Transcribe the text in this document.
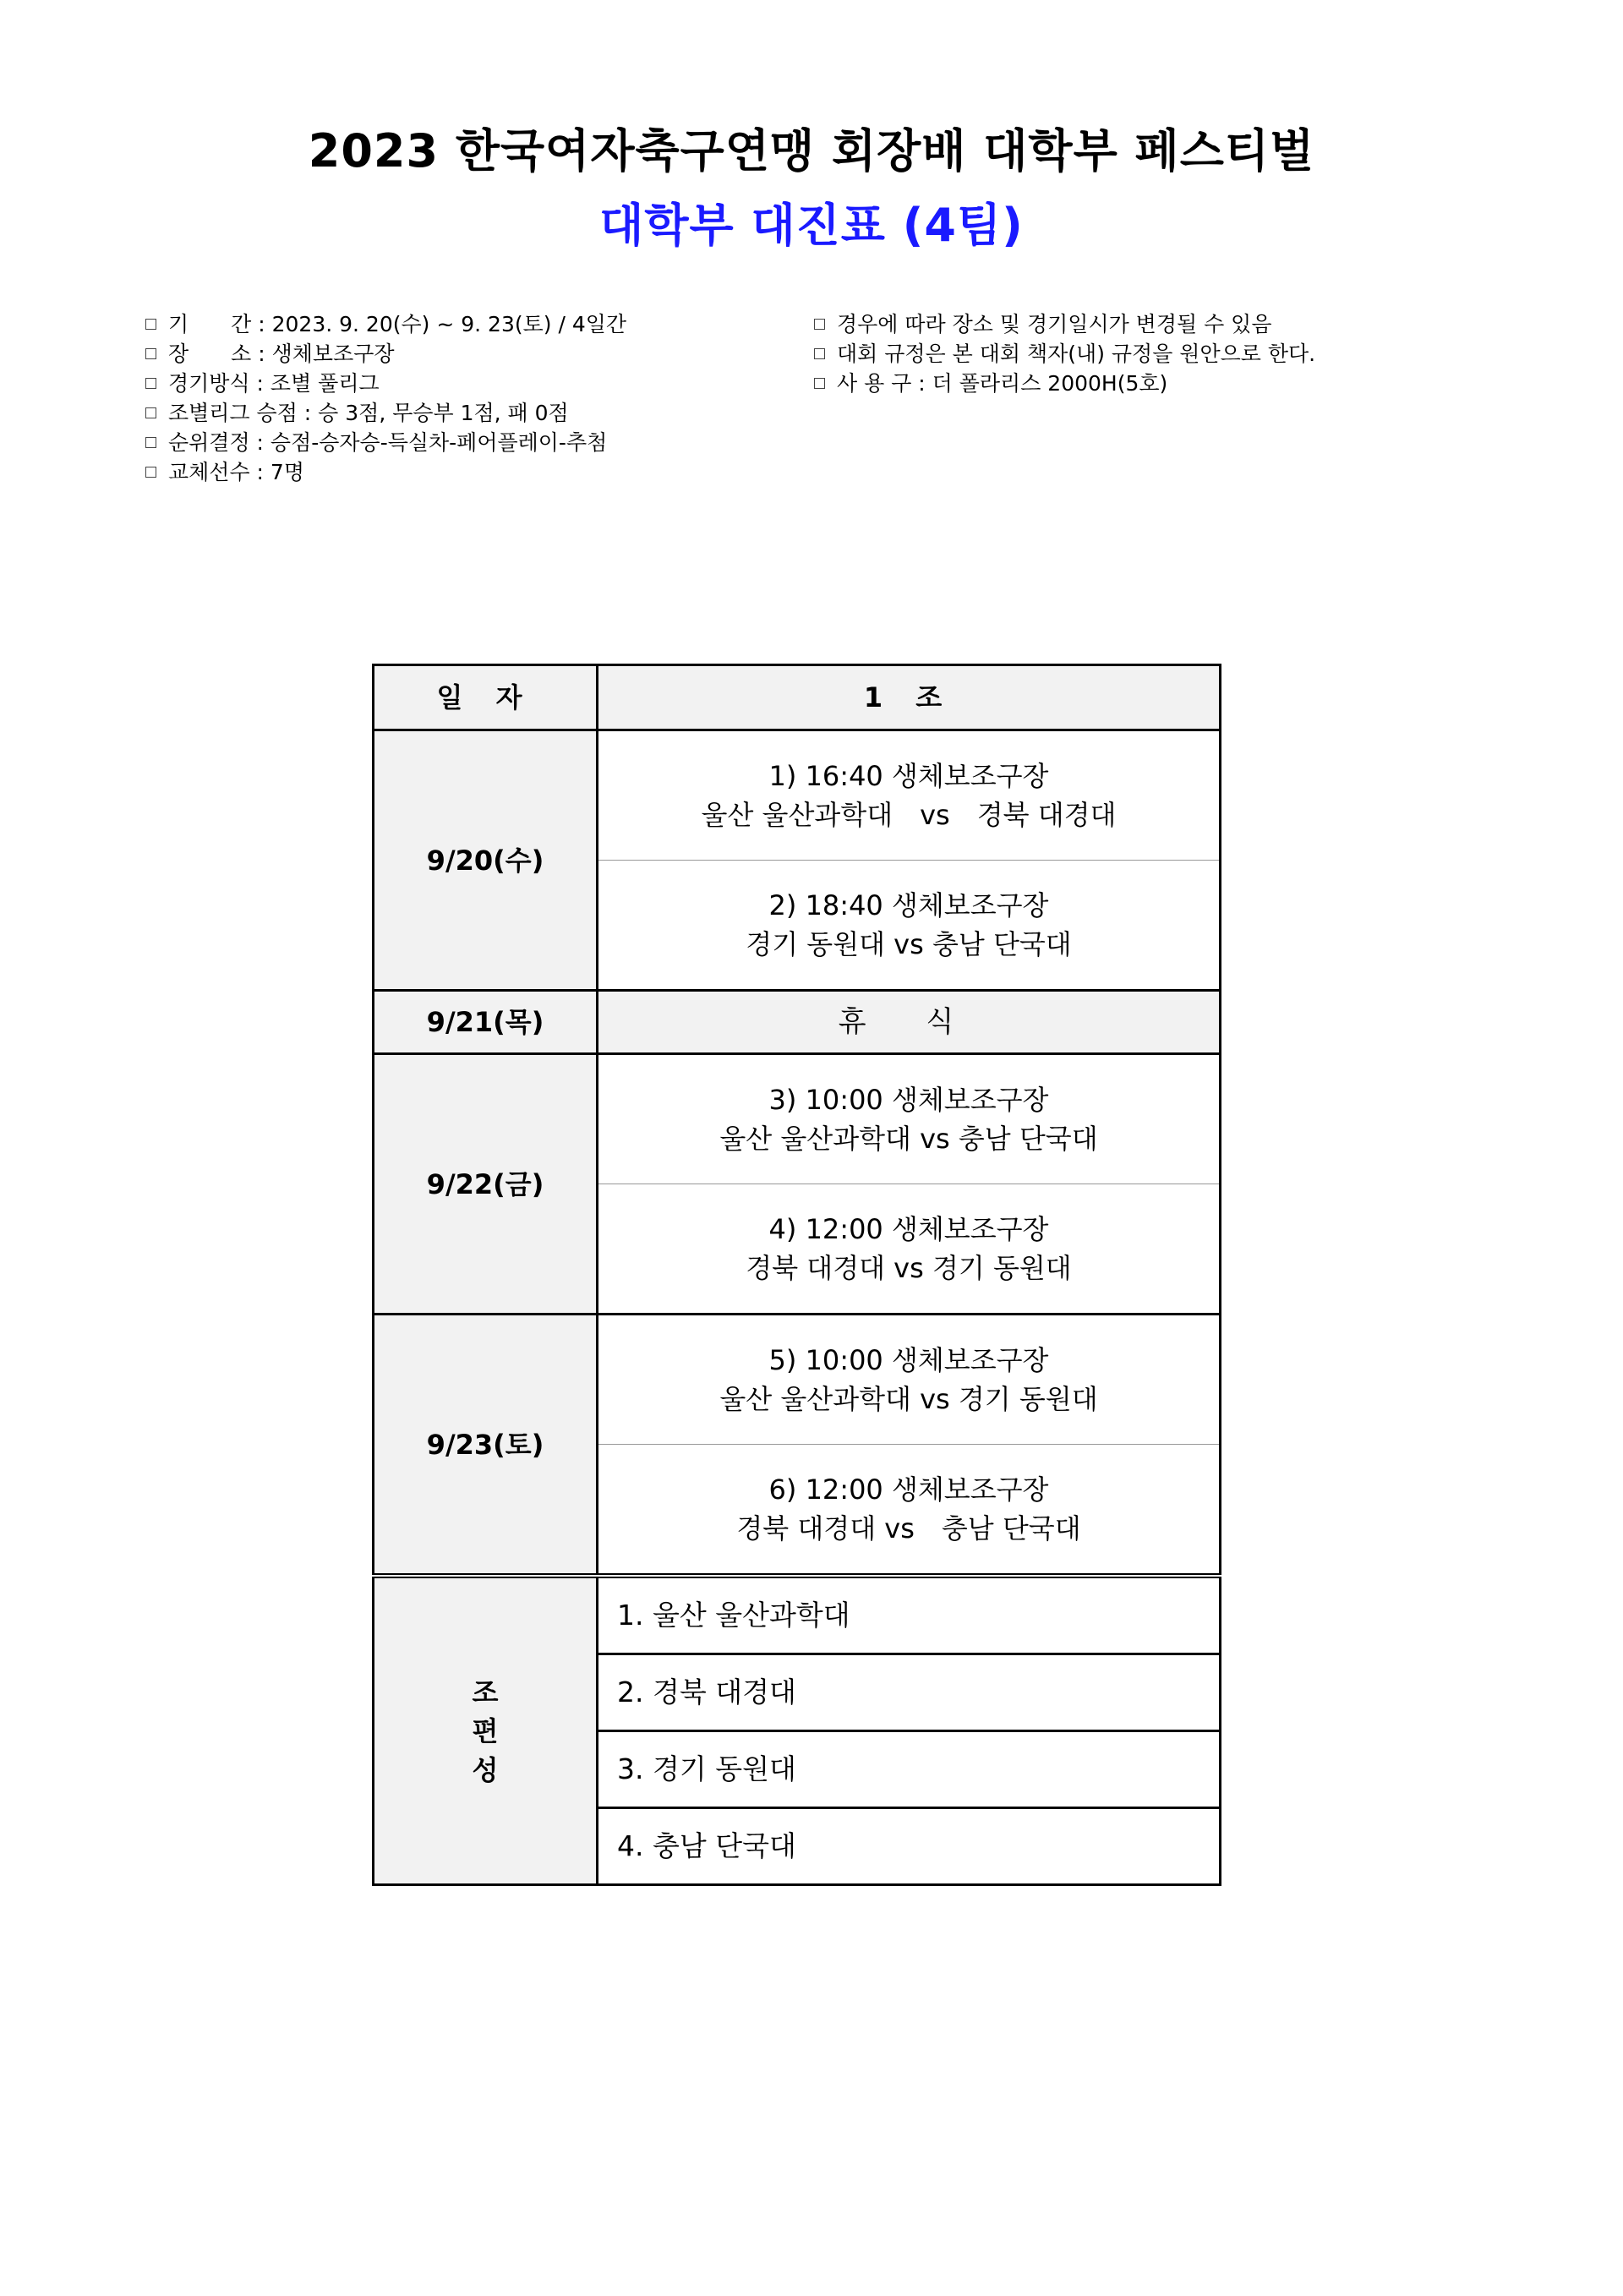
2023 한국여자축구연맹 회장배 대학부 페스티벌
대학부 대진표 (4팀)
기　　간 : 2023. 9. 20(수) ~ 9. 23(토) / 4일간
장　　소 : 생체보조구장
경기방식 : 조별 풀리그
조별리그 승점 : 승 3점, 무승부 1점, 패 0점
순위결정 : 승점-승자승-득실차-페어플레이-추첨
교체선수 : 7명
경우에 따라 장소 및 경기일시가 변경될 수 있음
대회 규정은 본 대회 책자(내) 규정을 원안으로 한다.
사 용 구 : 더 폴라리스 2000H(5호)
일 자	1 조
9/20(수)	1) 16:40 생체보조구장
울산 울산과학대　vs　경북 대경대

	2) 18:40 생체보조구장
경기 동원대 vs 충남 단국대

9/21(목)	휴 식
9/22(금)	3) 10:00 생체보조구장
울산 울산과학대 vs 충남 단국대

	4) 12:00 생체보조구장
경북 대경대 vs 경기 동원대

9/23(토)	5) 10:00 생체보조구장
울산 울산과학대 vs 경기 동원대

	6) 12:00 생체보조구장
경북 대경대 vs　충남 단국대

조
편
성	1. 울산 울산과학대
	2. 경북 대경대
	3. 경기 동원대
	4. 충남 단국대
